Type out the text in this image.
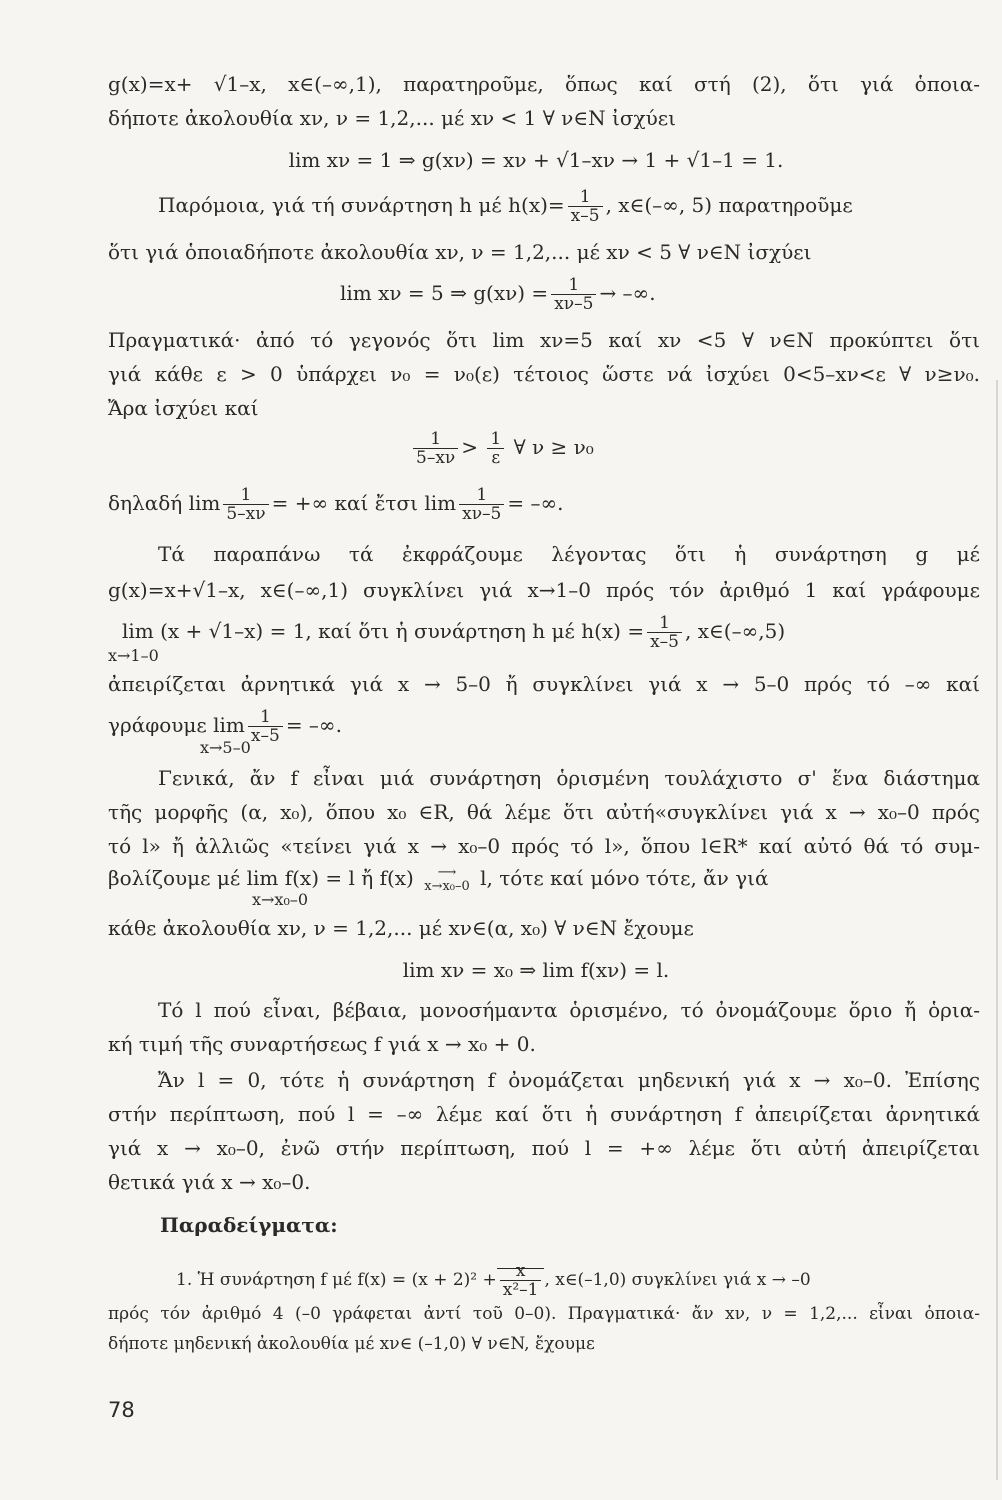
g(x)=x+ √1–x, x∈(–∞,1), παρατηροῦμε, ὅπως καί στή (2), ὅτι γιά ὁποια-
δήποτε ἀκολουθία xν, ν = 1,2,... μέ xν < 1 ∀ ν∈N ἰσχύει
lim xν = 1 ⇒ g(xν) = xν + √1–xν → 1 + √1–1 = 1.
Παρόμοια, γιά τή συνάρτηση h μέ $h(x)= \frac{1}{x-5}$ , x∈(–∞, 5) παρατηροῦμε
ὅτι γιά ὁποιαδήποτε ἀκολουθία xν, ν = 1,2,... μέ xν < 5 ∀ ν∈N ἰσχύει
lim xν = 5 ⇒ $g(x\nu) = \frac{1}{x\nu-5}$ → –∞.
Πραγματικά· ἀπό τό γεγονός ὅτι lim xν=5 καί xν <5 ∀ ν∈N προκύπτει ὅτι
γιά κάθε ε > 0 ὑπάρχει ν₀ = ν₀(ε) τέτοιος ὥστε νά ἰσχύει 0<5–xν<ε ∀ ν≥ν₀.
Ἄρα ἰσχύει καί
$\frac{1}{5-x\nu} > \frac{1}{\varepsilon}$ ∀ ν ≥ ν₀
δηλαδή $\lim \frac{1}{5-x\nu}$ = +∞ καί ἔτσι $\lim \frac{1}{x\nu-5}$ = –∞.
Τά παραπάνω τά ἐκφράζουμε λέγοντας ὅτι ἡ συνάρτηση g μέ
g(x)=x+√1–x, x∈(–∞,1) συγκλίνει γιά x→1–0 πρός τόν ἀριθμό 1 καί γράφουμε
lim (x + √1–x) = 1, καί ὅτι ἡ συνάρτηση h μέ $h(x) = \frac{1}{x-5}$ , x∈(–∞,5)
x→1–0
ἀπειρίζεται ἀρνητικά γιά x → 5–0 ἤ συγκλίνει γιά x → 5–0 πρός τό –∞ καί
γράφουμε $\lim \frac{1}{x-5}$ = –∞.
x→5–0
Γενικά, ἄν f εἶναι μιά συνάρτηση ὁρισμένη τουλάχιστο σ' ἕνα διάστημα
τῆς μορφῆς (α, x₀), ὅπου x₀ ∈R, θά λέμε ὅτι αὐτή«συγκλίνει γιά x → x₀–0 πρός
τό l» ἤ ἀλλιῶς «τείνει γιά x → x₀–0 πρός τό l», ὅπου l∈R* καί αὐτό θά τό συμ-
βολίζουμε μέ lim f(x) = l ἤ f(x)	⟶
x→x₀–0 l, τότε καί μόνο τότε, ἄν γιά
x→x₀–0
κάθε ἀκολουθία xν, ν = 1,2,... μέ xν∈(α, x₀) ∀ ν∈N ἔχουμε
lim xν = x₀ ⇒ lim f(xν) = l.
Τό l πού εἶναι, βέβαια, μονοσήμαντα ὁρισμένο, τό ὀνομάζουμε ὅριο ἤ ὁρια-
κή τιμή τῆς συναρτήσεως f γιά x → x₀ + 0.
Ἄν l = 0, τότε ἡ συνάρτηση f ὀνομάζεται μηδενική γιά x → x₀–0. Ἐπίσης
στήν περίπτωση, πού l = –∞ λέμε καί ὅτι ἡ συνάρτηση f ἀπειρίζεται ἀρνητικά
γιά x → x₀–0, ἐνῶ στήν περίπτωση, πού l = +∞ λέμε ὅτι αὐτή ἀπειρίζεται
θετικά γιά x → x₀–0.
Παραδείγματα:
1. Ἡ συνάρτηση f μέ $f(x) = (x + 2)^2 + \frac{x}{\text{x²–1}}$ , x∈(–1,0) συγκλίνει γιά x → –0
πρός τόν ἀριθμό 4 (–0 γράφεται ἀντί τοῦ 0–0). Πραγματικά· ἄν xν, ν = 1,2,... εἶναι ὁποια-
δήποτε μηδενική ἀκολουθία μέ xν∈ (–1,0) ∀ ν∈N, ἔχουμε
78
